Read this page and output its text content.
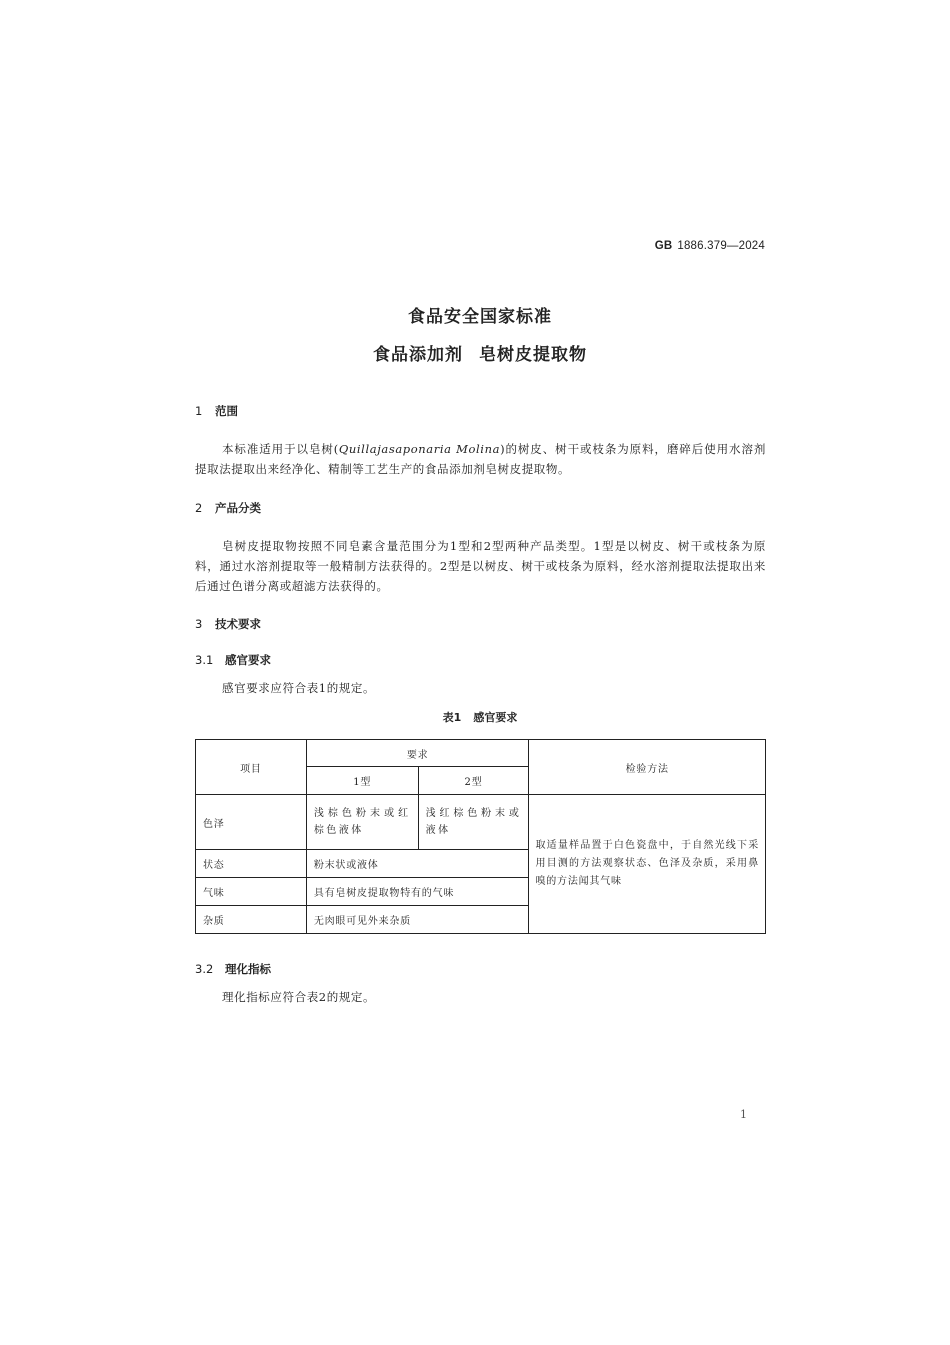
GB 1886.379—2024
食品安全国家标准
食品添加剂 皂树皮提取物
1 范围
本标准适用于以皂树(Quillajasaponaria Molina)的树皮、树干或枝条为原料，磨碎后使用水溶剂提取法提取出来经净化、精制等工艺生产的食品添加剂皂树皮提取物。
2 产品分类
皂树皮提取物按照不同皂素含量范围分为1型和2型两种产品类型。1型是以树皮、树干或枝条为原料，通过水溶剂提取等一般精制方法获得的。2型是以树皮、树干或枝条为原料，经水溶剂提取法提取出来后通过色谱分离或超滤方法获得的。
3 技术要求
3.1 感官要求
感官要求应符合表1的规定。
表1 感官要求
项目	要求		检验方法
	1型	2型	
色泽	浅棕色粉末或红棕色液体	浅红棕色粉末或液体	取适量样品置于白色瓷盘中，于自然光线下采用目测的方法观察状态、色泽及杂质，采用鼻嗅的方法闻其气味
状态	粉末状或液体		
气味	具有皂树皮提取物特有的气味		
杂质	无肉眼可见外来杂质		
3.2 理化指标
理化指标应符合表2的规定。
1
